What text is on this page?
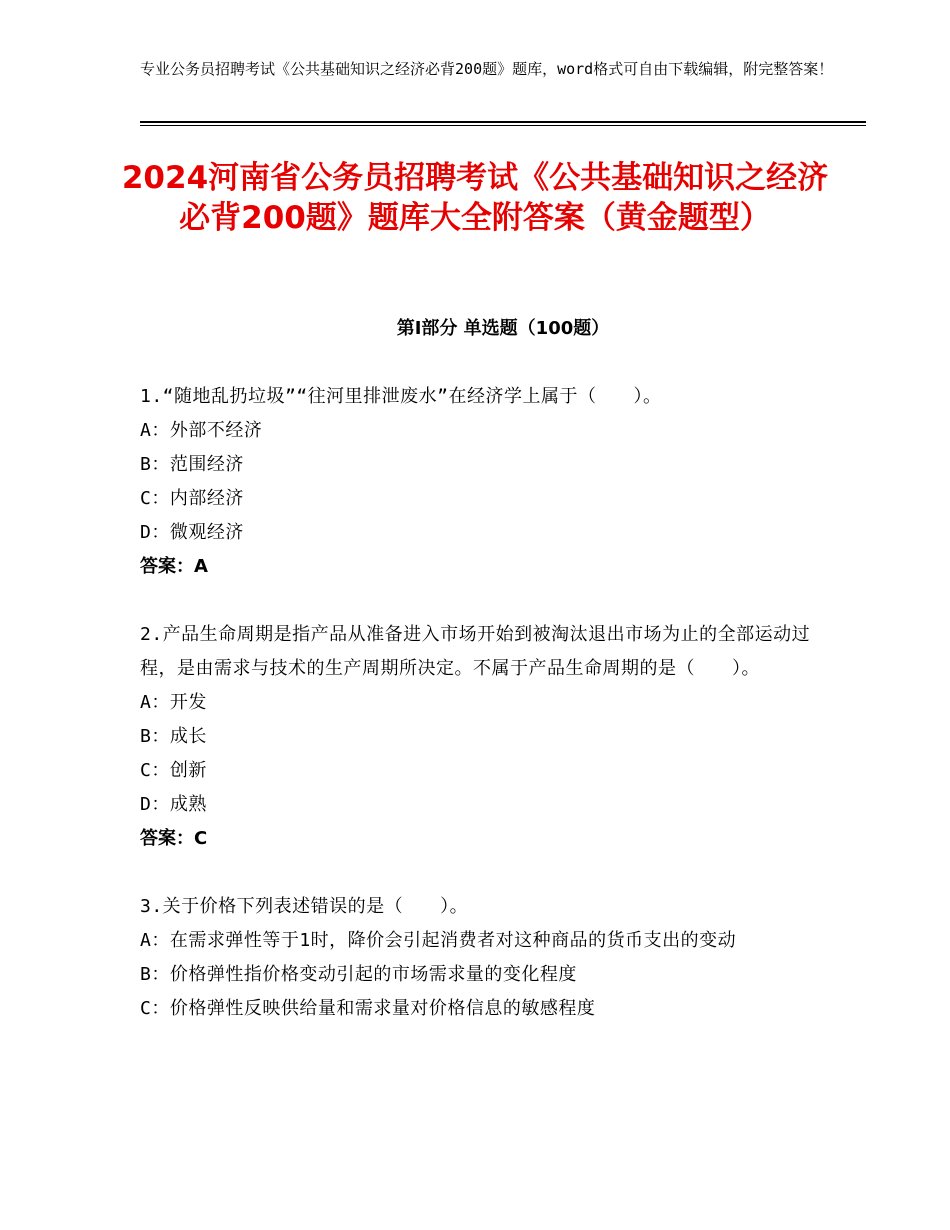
专业公务员招聘考试《公共基础知识之经济必背200题》题库，word格式可自由下载编辑，附完整答案！
2024河南省公务员招聘考试《公共基础知识之经济必背200题》题库大全附答案（黄金题型）
第Ⅰ部分 单选题（100题）

1.“随地乱扔垃圾”“往河里排泄废水”在经济学上属于（　　）。

A：外部不经济

B：范围经济

C：内部经济

D：微观经济

答案：A

2.产品生命周期是指产品从准备进入市场开始到被淘汰退出市场为止的全部运动过程，是由需求与技术的生产周期所决定。不属于产品生命周期的是（　　）。

A：开发

B：成长

C：创新

D：成熟

答案：C

3.关于价格下列表述错误的是（　　）。

A：在需求弹性等于1时，降价会引起消费者对这种商品的货币支出的变动

B：价格弹性指价格变动引起的市场需求量的变化程度

C：价格弹性反映供给量和需求量对价格信息的敏感程度
